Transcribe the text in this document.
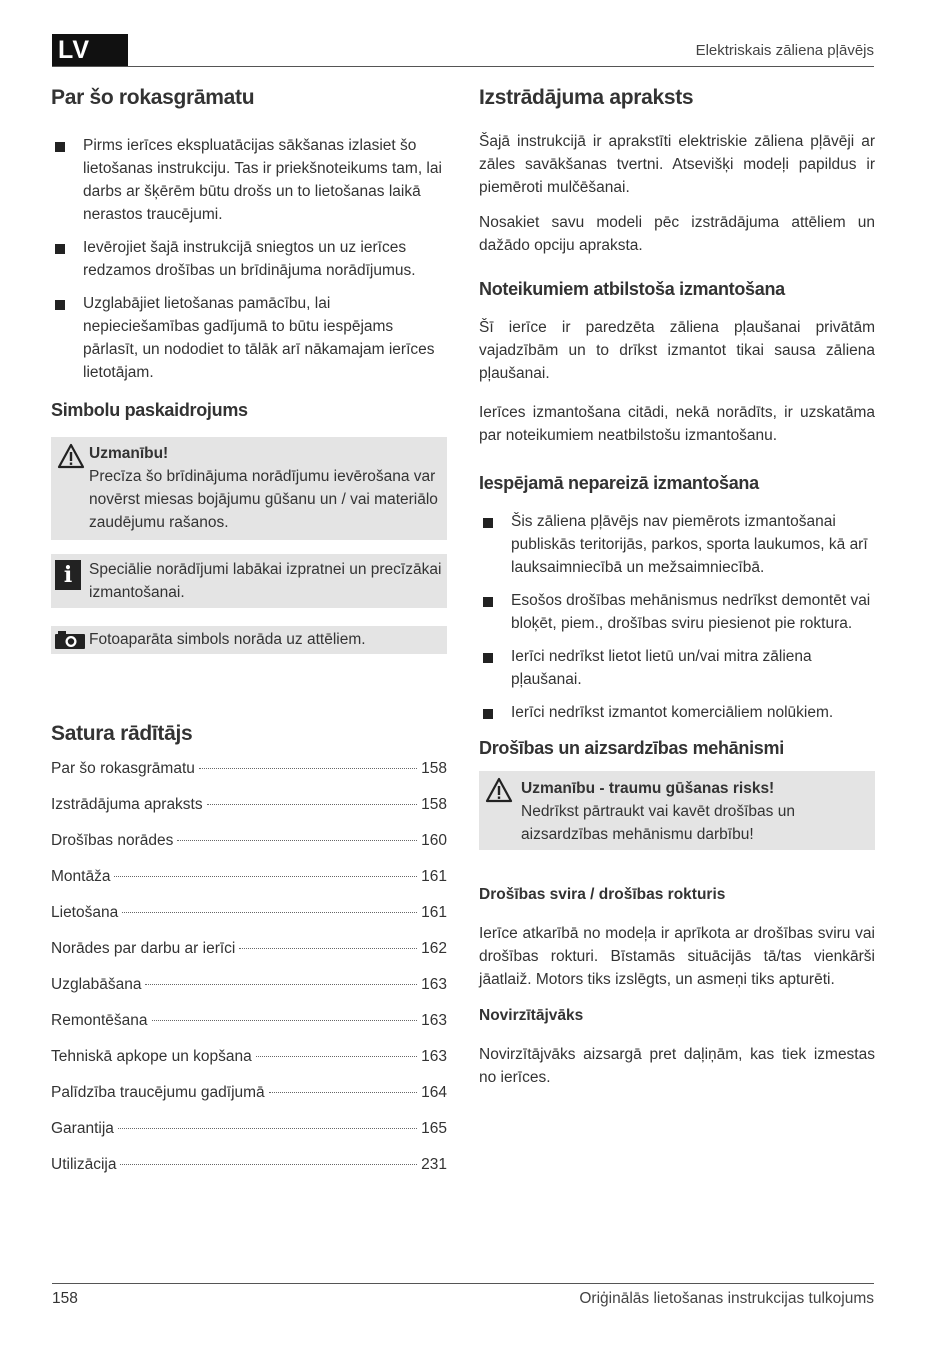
LV	Elektriskais zāliena pļāvējs
Par šo rokasgrāmatu
Pirms ierīces ekspluatācijas sākšanas izlasiet šo lietošanas instrukciju. Tas ir priekšnoteikums tam, lai darbs ar šķērēm būtu drošs un to lietošanas laikā nerastos traucējumi.
Ievērojiet šajā instrukcijā sniegtos un uz ierīces redzamos drošības un brīdinājuma norādījumus.
Uzglabājiet lietošanas pamācību, lai nepieciešamības gadījumā to būtu iespējams pārlasīt, un nododiet to tālāk arī nākamajam ierīces lietotājam.
Simbolu paskaidrojums
Uzmanību!
Precīza šo brīdinājuma norādījumu ievērošana var novērst miesas bojājumu gūšanu un / vai materiālo zaudējumu rašanos.
i	Speciālie norādījumi labākai izpratnei un precīzākai izmantošanai.
Fotoaparāta simbols norāda uz attēliem.
Satura rādītājs
Par šo rokasgrāmatu	158
Izstrādājuma apraksts	158
Drošības norādes	160
Montāža	161
Lietošana	161
Norādes par darbu ar ierīci	162
Uzglabāšana	163
Remontēšana	163
Tehniskā apkope un kopšana	163
Palīdzība traucējumu gadījumā	164
Garantija	165
Utilizācija	231
Izstrādājuma apraksts

Šajā instrukcijā ir aprakstīti elektriskie zāliena pļāvēji ar zāles savākšanas tvertni. Atsevišķi modeļi papildus ir piemēroti mulčēšanai.

Nosakiet savu modeli pēc izstrādājuma attēliem un dažādo opciju apraksta.

Noteikumiem atbilstoša izmantošana

Šī ierīce ir paredzēta zāliena pļaušanai privātām vajadzībām un to drīkst izmantot tikai sausa zāliena pļaušanai.

Ierīces izmantošana citādi, nekā norādīts, ir uzskatāma par noteikumiem neatbilstošu izmantošanu.

Iespējamā nepareizā izmantošana
Šis zāliena pļāvējs nav piemērots izmantošanai publiskās teritorijās, parkos, sporta laukumos, kā arī lauksaimniecībā un mežsaimniecībā.
Esošos drošības mehānismus nedrīkst demontēt vai bloķēt, piem., drošības sviru piesienot pie roktura.
Ierīci nedrīkst lietot lietū un/vai mitra zāliena pļaušanai.
Ierīci nedrīkst izmantot komerciāliem nolūkiem.
Drošības un aizsardzības mehānismi
Uzmanību - traumu gūšanas risks!
Nedrīkst pārtraukt vai kavēt drošības un aizsardzības mehānismu darbību!
Drošības svira / drošības rokturis

Ierīce atkarībā no modeļa ir aprīkota ar drošības sviru vai drošības rokturi. Bīstamās situācijās tā/tas vienkārši jāatlaiž. Motors tiks izslēgts, un asmeņi tiks apturēti.

Novirzītājvāks

Novirzītājvāks aizsargā pret daļiņām, kas tiek izmestas no ierīces.

158	Oriģinālās lietošanas instrukcijas tulkojums
